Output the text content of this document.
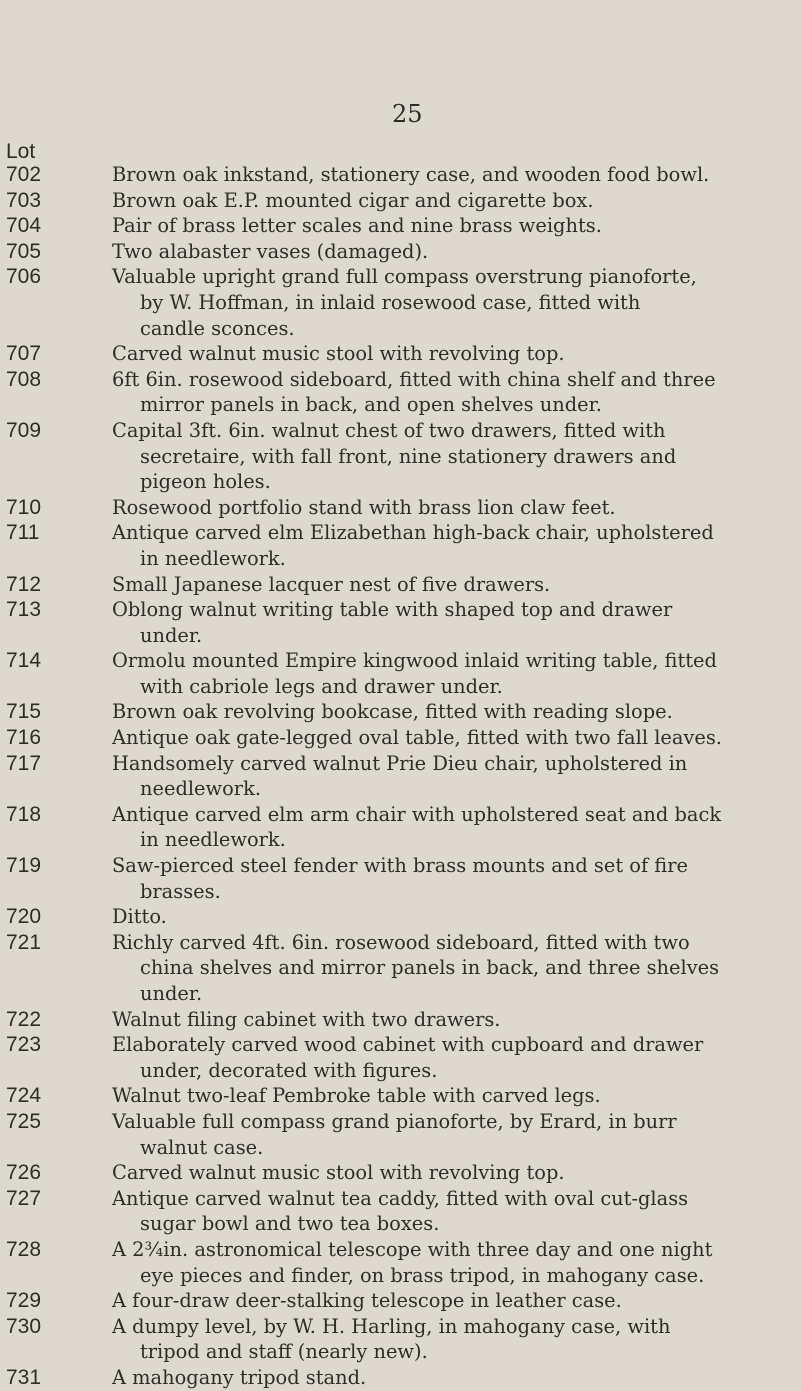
25
Lot
702	Brown oak inkstand, stationery case, and wooden food bowl.
703	Brown oak E.P. mounted cigar and cigarette box.
704	Pair of brass letter scales and nine brass weights.
705	Two alabaster vases (damaged).
706	Valuable upright grand full compass overstrung pianoforte,
by W. Hoffman, in inlaid rosewood case, fitted with
candle sconces.
707	Carved walnut music stool with revolving top.
708	6ft 6in. rosewood sideboard, fitted with china shelf and three
mirror panels in back, and open shelves under.
709	Capital 3ft. 6in. walnut chest of two drawers, fitted with
secretaire, with fall front, nine stationery drawers and
pigeon holes.
710	Rosewood portfolio stand with brass lion claw feet.
711	Antique carved elm Elizabethan high-back chair, upholstered
in needlework.
712	Small Japanese lacquer nest of five drawers.
713	Oblong walnut writing table with shaped top and drawer
under.
714	Ormolu mounted Empire kingwood inlaid writing table, fitted
with cabriole legs and drawer under.
715	Brown oak revolving bookcase, fitted with reading slope.
716	Antique oak gate-legged oval table, fitted with two fall leaves.
717	Handsomely carved walnut Prie Dieu chair, upholstered in
needlework.
718	Antique carved elm arm chair with upholstered seat and back
in needlework.
719	Saw-pierced steel fender with brass mounts and set of fire
brasses.
720	Ditto.
721	Richly carved 4ft. 6in. rosewood sideboard, fitted with two
china shelves and mirror panels in back, and three shelves
under.
722	Walnut filing cabinet with two drawers.
723	Elaborately carved wood cabinet with cupboard and drawer
under, decorated with figures.
724	Walnut two-leaf Pembroke table with carved legs.
725	Valuable full compass grand pianoforte, by Erard, in burr
walnut case.
726	Carved walnut music stool with revolving top.
727	Antique carved walnut tea caddy, fitted with oval cut-glass
sugar bowl and two tea boxes.
728	A 2¾in. astronomical telescope with three day and one night
eye pieces and finder, on brass tripod, in mahogany case.
729	A four-draw deer-stalking telescope in leather case.
730	A dumpy level, by W. H. Harling, in mahogany case, with
tripod and staff (nearly new).
731	A mahogany tripod stand.
